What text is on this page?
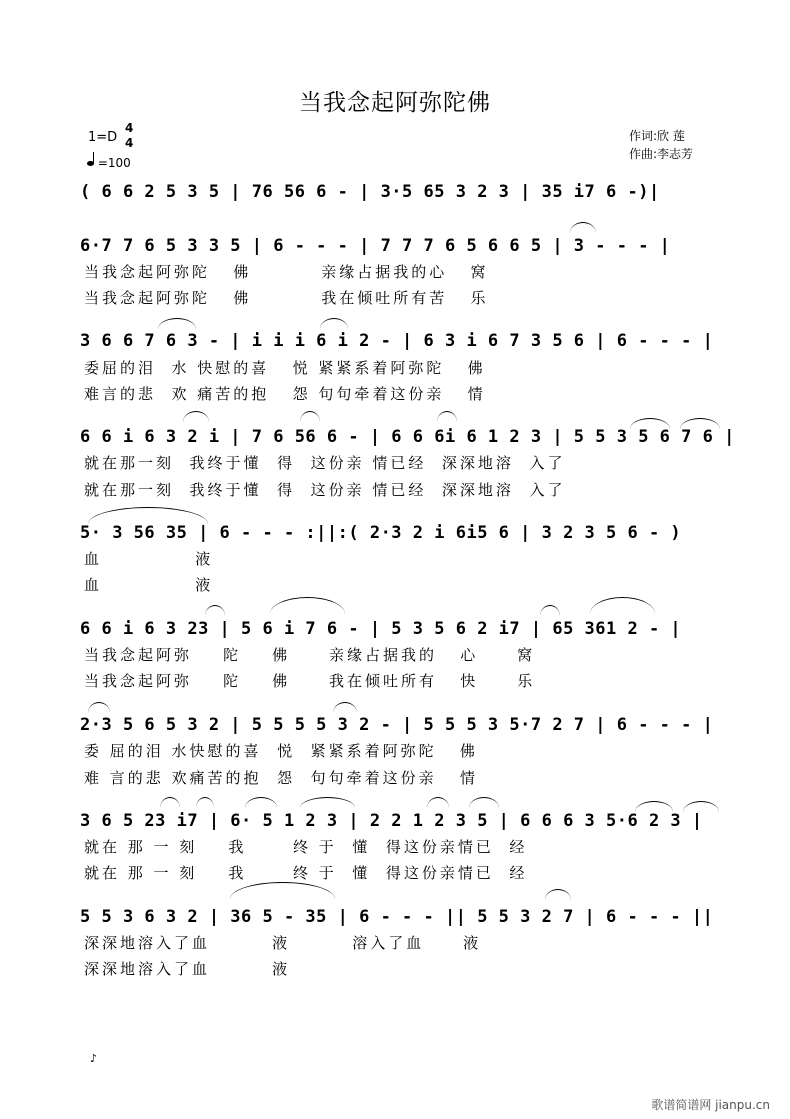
当我念起阿弥陀佛
1=D
4
4
=100
作词:欣 莲
作曲:李志芳
( 6 6 2 5 3 5 | 76 56 6 - | 3·5 65 3 2 3 | 35 i7 6 -)|
6·7 7 6 5 3 3 5 | 6 - - - | 7 7 7 6 5 6 6 5 | 3 - - - |
当我念起阿弥陀   佛         亲缘占据我的心   窝
当我念起阿弥陀   佛         我在倾吐所有苦   乐
3 6 6 7 6 3 - | i i i 6 i 2 - | 6 3 i 6 7 3 5 6 | 6 - - - |
委屈的泪  水 快慰的喜   悦 紧紧系着阿弥陀   佛
难言的悲  欢 痛苦的抱   怨 句句牵着这份亲   情
6 6 i 6 3 2 i | 7 6 56 6 - | 6 6 6i 6 1 2 3 | 5 5 3 5 6 7 6 |
就在那一刻  我终于懂  得  这份亲 情已经  深深地溶  入了
就在那一刻  我终于懂  得  这份亲 情已经  深深地溶  入了
5· 3 56 35 | 6 - - - :||:( 2·3 2 i 6i5 6 | 3 2 3 5 6 - )
血            液
血            液
6 6 i 6 3 23 | 5 6 i 7 6 - | 5 3 5 6 2 i7 | 65 361 2 - |
当我念起阿弥    陀    佛     亲缘占据我的   心     窝
当我念起阿弥    陀    佛     我在倾吐所有   快     乐
2·3 5 6 5 3 2 | 5 5 5 5 3 2 - | 5 5 5 3 5·7 2 7 | 6 - - - |
委 屈的泪 水快慰的喜  悦  紧紧系着阿弥陀   佛
难 言的悲 欢痛苦的抱  怨  句句牵着这份亲   情
3 6 5 23 i7 | 6· 5 1 2 3 | 2 2 1 2 3 5 | 6 6 6 3 5·6 2 3 |
就在 那 一 刻    我      终 于  懂  得这份亲情已  经
就在 那 一 刻    我      终 于  懂  得这份亲情已  经
5 5 3 6 3 2 | 36 5 - 35 | 6 - - - || 5 5 3 2 7 | 6 - - - ||
深深地溶入了血        液        溶入了血     液
深深地溶入了血        液
♪
歌谱简谱网 jianpu.cn
